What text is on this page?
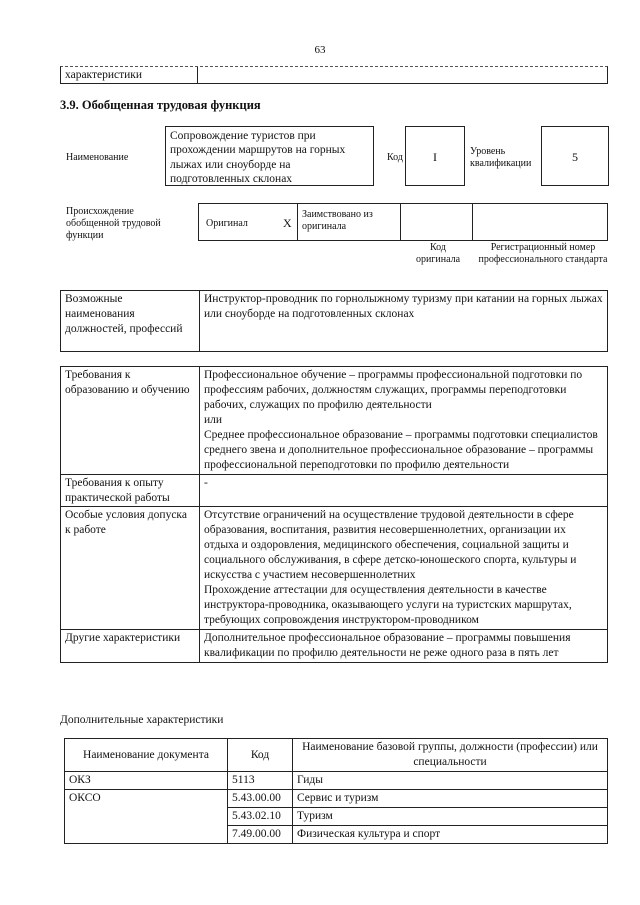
63
характеристики
3.9. Обобщенная трудовая функция
Наименование
Сопровождение туристов при прохождении маршрутов на горных лыжах или сноуборде на подготовленных склонах
Код	I	Уровень квалификации	5
Происхождение обобщенной трудовой функции
Оригинал	X
Заимствовано из оригинала
Код оригинала
Регистрационный номер профессионального стандарта
Возможные наименования должностей, профессий	Инструктор-проводник по горнолыжному туризму при катании на горных лыжах или сноуборде на подготовленных склонах
Требования к образованию и обучению	Профессиональное обучение – программы профессиональной подготовки по профессиям рабочих, должностям служащих, программы переподготовки рабочих, служащих по профилю деятельности
или
Среднее профессиональное образование – программы подготовки специалистов среднего звена и дополнительное профессиональное образование – программы профессиональной переподготовки по профилю деятельности

Требования к опыту практической работы	-

Особые условия допуска к работе	Отсутствие ограничений на осуществление трудовой деятельности в сфере образования, воспитания, развития несовершеннолетних, организации их отдыха и оздоровления, медицинского обеспечения, социальной защиты и социального обслуживания, в сфере детско-юношеского спорта, культуры и искусства с участием несовершеннолетних
Прохождение аттестации для осуществления деятельности в качестве инструктора-проводника, оказывающего услуги на туристских маршрутах, требующих сопровождения инструктором-проводником

Другие характеристики	Дополнительное профессиональное образование – программы повышения квалификации по профилю деятельности не реже одного раза в пять лет
Дополнительные характеристики
Наименование документа	Код	Наименование базовой группы, должности (профессии) или специальности
ОКЗ	5113	Гиды
ОКСО	5.43.00.00	Сервис и туризм
	5.43.02.10	Туризм
	7.49.00.00	Физическая культура и спорт
